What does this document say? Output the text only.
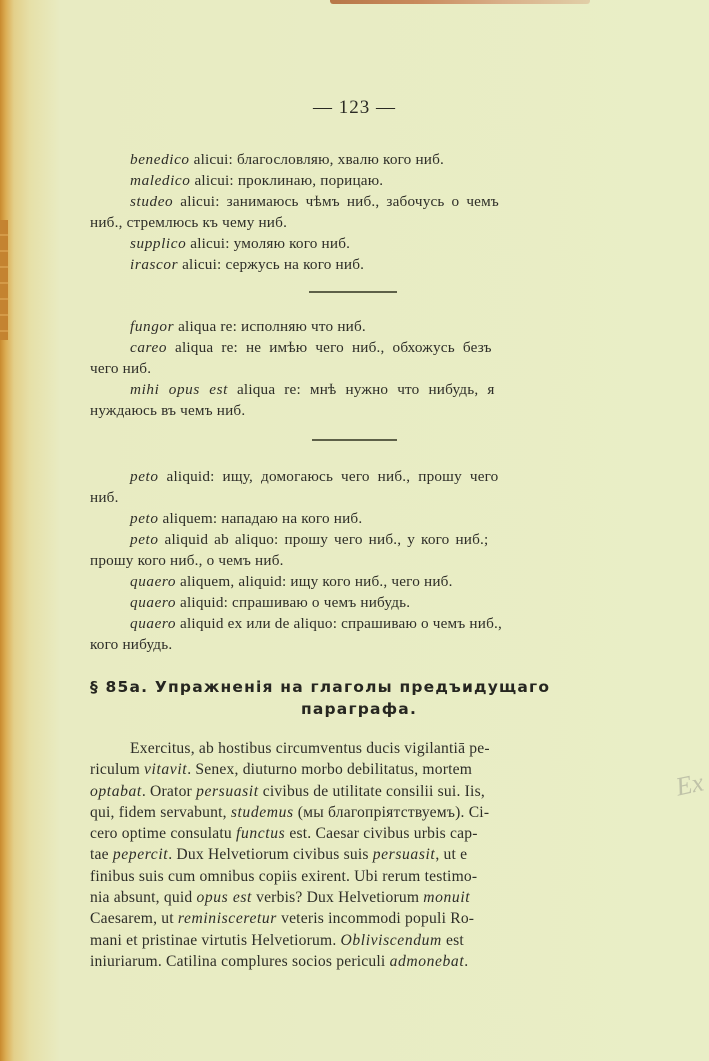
Ex
— 123 —
benedico alicui: благословляю, хвалю кого ниб.
maledico alicui: проклинаю, порицаю.
studeo alicui: занимаюсь чѣмъ ниб., забочусь о чемъ
ниб., стремлюсь къ чему ниб.
supplico alicui: умоляю кого ниб.
irascor alicui: сержусь на кого ниб.
fungor aliqua re: исполняю что ниб.
careo aliqua re: не имѣю чего ниб., обхожусь безъ
чего ниб.
mihi opus est aliqua re: мнѣ нужно что нибудь, я
нуждаюсь въ чемъ ниб.
peto aliquid: ищу, домогаюсь чего ниб., прошу чего
ниб.
peto aliquem: нападаю на кого ниб.
peto aliquid ab aliquo: прошу чего ниб., у кого ниб.;
прошу кого ниб., о чемъ ниб.
quaero aliquem, aliquid: ищу кого ниб., чего ниб.
quaero aliquid: спрашиваю о чемъ нибудь.
quaero aliquid ex или de aliquo: спрашиваю о чемъ ниб.,
кого нибудь.
§ 85а. Упражненія на глаголы предъидущаго
параграфа.
Exercitus, ab hostibus circumventus ducis vigilantiā pe-
riculum vitavit. Senex, diuturno morbo debilitatus, mortem
optabat. Orator persuasit civibus de utilitate consilii sui. Iis,
qui, fidem servabunt, studemus (мы благопріятствуемъ). Ci-
cero optime consulatu functus est. Caesar civibus urbis cap-
tae pepercit. Dux Helvetiorum civibus suis persuasit, ut e
finibus suis cum omnibus copiis exirent. Ubi rerum testimo-
nia absunt, quid opus est verbis? Dux Helvetiorum monuit
Caesarem, ut reminisceretur veteris incommodi populi Ro-
mani et pristinae virtutis Helvetiorum. Obliviscendum est
iniuriarum. Catilina complures socios periculi admonebat.
